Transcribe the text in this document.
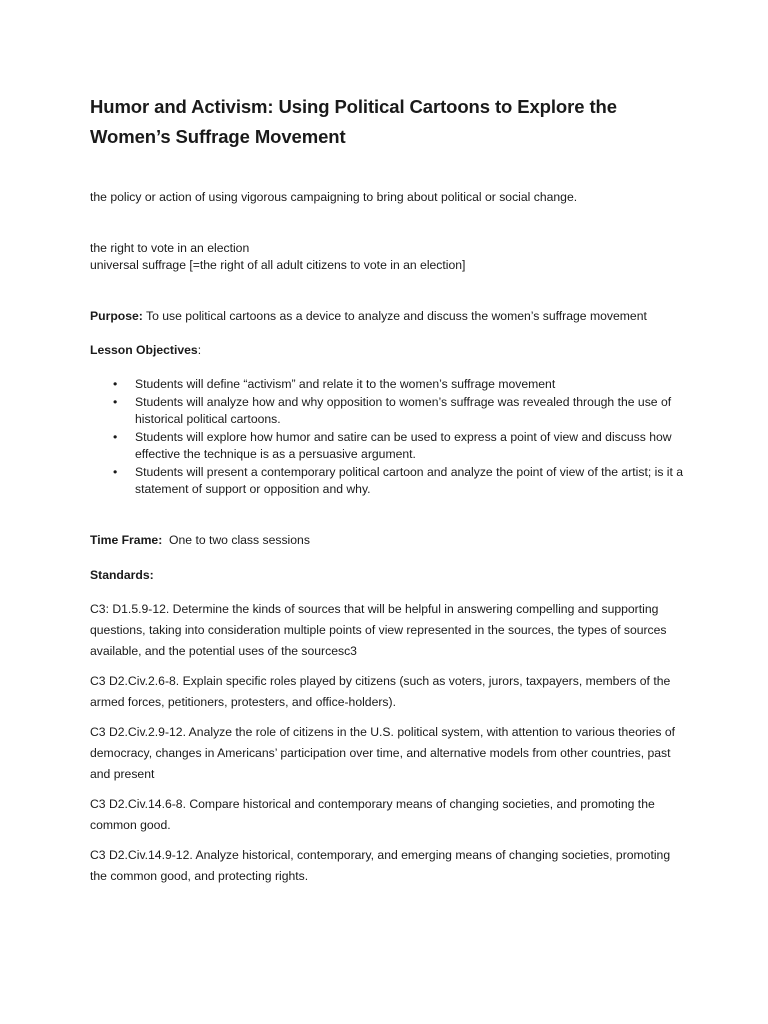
Humor and Activism: Using Political Cartoons to Explore the Women’s Suffrage Movement

the policy or action of using vigorous campaigning to bring about political or social change.

the right to vote in an election

universal suffrage [=the right of all adult citizens to vote in an election]

Purpose: To use political cartoons as a device to analyze and discuss the women’s suffrage movement

Lesson Objectives:

• Students will define “activism” and relate it to the women’s suffrage movement
• Students will analyze how and why opposition to women’s suffrage was revealed through the use of historical political cartoons.
• Students will explore how humor and satire can be used to express a point of view and discuss how effective the technique is as a persuasive argument.
• Students will present a contemporary political cartoon and analyze the point of view of the artist; is it a statement of support or opposition and why.

Time Frame:  One to two class sessions

Standards:

C3: D1.5.9-12. Determine the kinds of sources that will be helpful in answering compelling and supporting questions, taking into consideration multiple points of view represented in the sources, the types of sources available, and the potential uses of the sourcesc3

C3 D2.Civ.2.6-8. Explain specific roles played by citizens (such as voters, jurors, taxpayers, members of the armed forces, petitioners, protesters, and office-holders).

C3 D2.Civ.2.9-12. Analyze the role of citizens in the U.S. political system, with attention to various theories of democracy, changes in Americans’ participation over time, and alternative models from other countries, past and present

C3 D2.Civ.14.6-8. Compare historical and contemporary means of changing societies, and promoting the common good.

C3 D2.Civ.14.9-12. Analyze historical, contemporary, and emerging means of changing societies, promoting the common good, and protecting rights.
